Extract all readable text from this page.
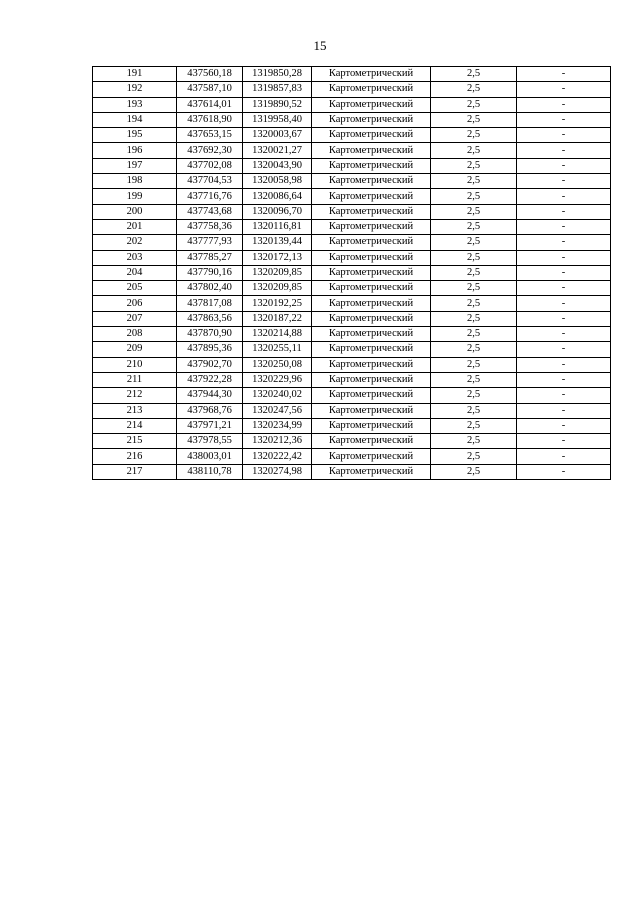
15
191	437560,18	1319850,28	Картометрический	2,5	-
192	437587,10	1319857,83	Картометрический	2,5	-
193	437614,01	1319890,52	Картометрический	2,5	-
194	437618,90	1319958,40	Картометрический	2,5	-
195	437653,15	1320003,67	Картометрический	2,5	-
196	437692,30	1320021,27	Картометрический	2,5	-
197	437702,08	1320043,90	Картометрический	2,5	-
198	437704,53	1320058,98	Картометрический	2,5	-
199	437716,76	1320086,64	Картометрический	2,5	-
200	437743,68	1320096,70	Картометрический	2,5	-
201	437758,36	1320116,81	Картометрический	2,5	-
202	437777,93	1320139,44	Картометрический	2,5	-
203	437785,27	1320172,13	Картометрический	2,5	-
204	437790,16	1320209,85	Картометрический	2,5	-
205	437802,40	1320209,85	Картометрический	2,5	-
206	437817,08	1320192,25	Картометрический	2,5	-
207	437863,56	1320187,22	Картометрический	2,5	-
208	437870,90	1320214,88	Картометрический	2,5	-
209	437895,36	1320255,11	Картометрический	2,5	-
210	437902,70	1320250,08	Картометрический	2,5	-
211	437922,28	1320229,96	Картометрический	2,5	-
212	437944,30	1320240,02	Картометрический	2,5	-
213	437968,76	1320247,56	Картометрический	2,5	-
214	437971,21	1320234,99	Картометрический	2,5	-
215	437978,55	1320212,36	Картометрический	2,5	-
216	438003,01	1320222,42	Картометрический	2,5	-
217	438110,78	1320274,98	Картометрический	2,5	-
